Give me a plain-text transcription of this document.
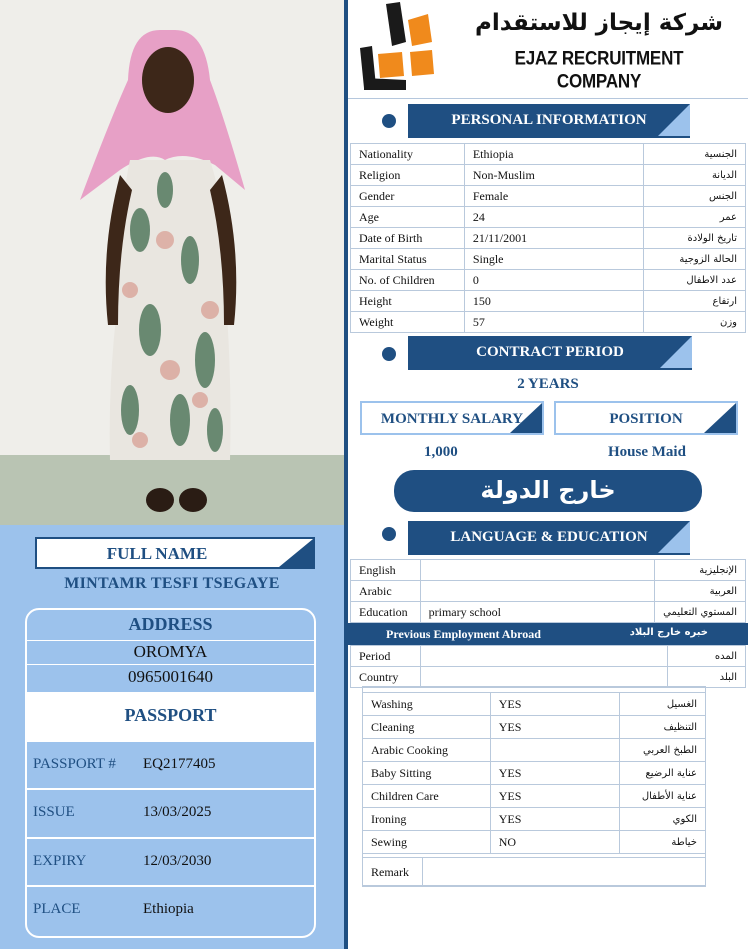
FULL NAME
MINTAMR TESFI TSEGAYE
ADDRESS
OROMYA
0965001640
PASSPORT
PASSPORT # EQ2177405
ISSUE	13/03/2025
EXPIRY	12/03/2030
PLACE	Ethiopia
شركة إيجاز للاستقدام
EJAZ RECRUITMENT COMPANY
PERSONAL INFORMATION
Nationality	Ethiopia	الجنسية
Religion	Non-Muslim	الديانة
Gender	Female	الجنس
Age	24	عمر
Date of Birth	21/11/2001	تاريخ الولادة
Marital Status	Single	الحالة الزوجية
No. of Children	0	عدد الاطفال
Height	150	ارتفاع
Weight	57	وزن
CONTRACT PERIOD
2 YEARS
MONTHLY SALARY	POSITION
1,000	House Maid
خارج الدولة
LANGUAGE & EDUCATION
English		الإنجليزية
Arabic		العربية
Education	primary school	المستوي التعليمي
Previous Employment Abroad	خبره خارج البلاد
Period		المده
Country		البلد
Washing	YES	الغسيل
Cleaning	YES	التنظيف
Arabic Cooking		الطبخ العربي
Baby Sitting	YES	عناية الرضيع
Children Care	YES	عناية الأطفال
Ironing	YES	الكوي
Sewing	NO	خياطة
Remark	
